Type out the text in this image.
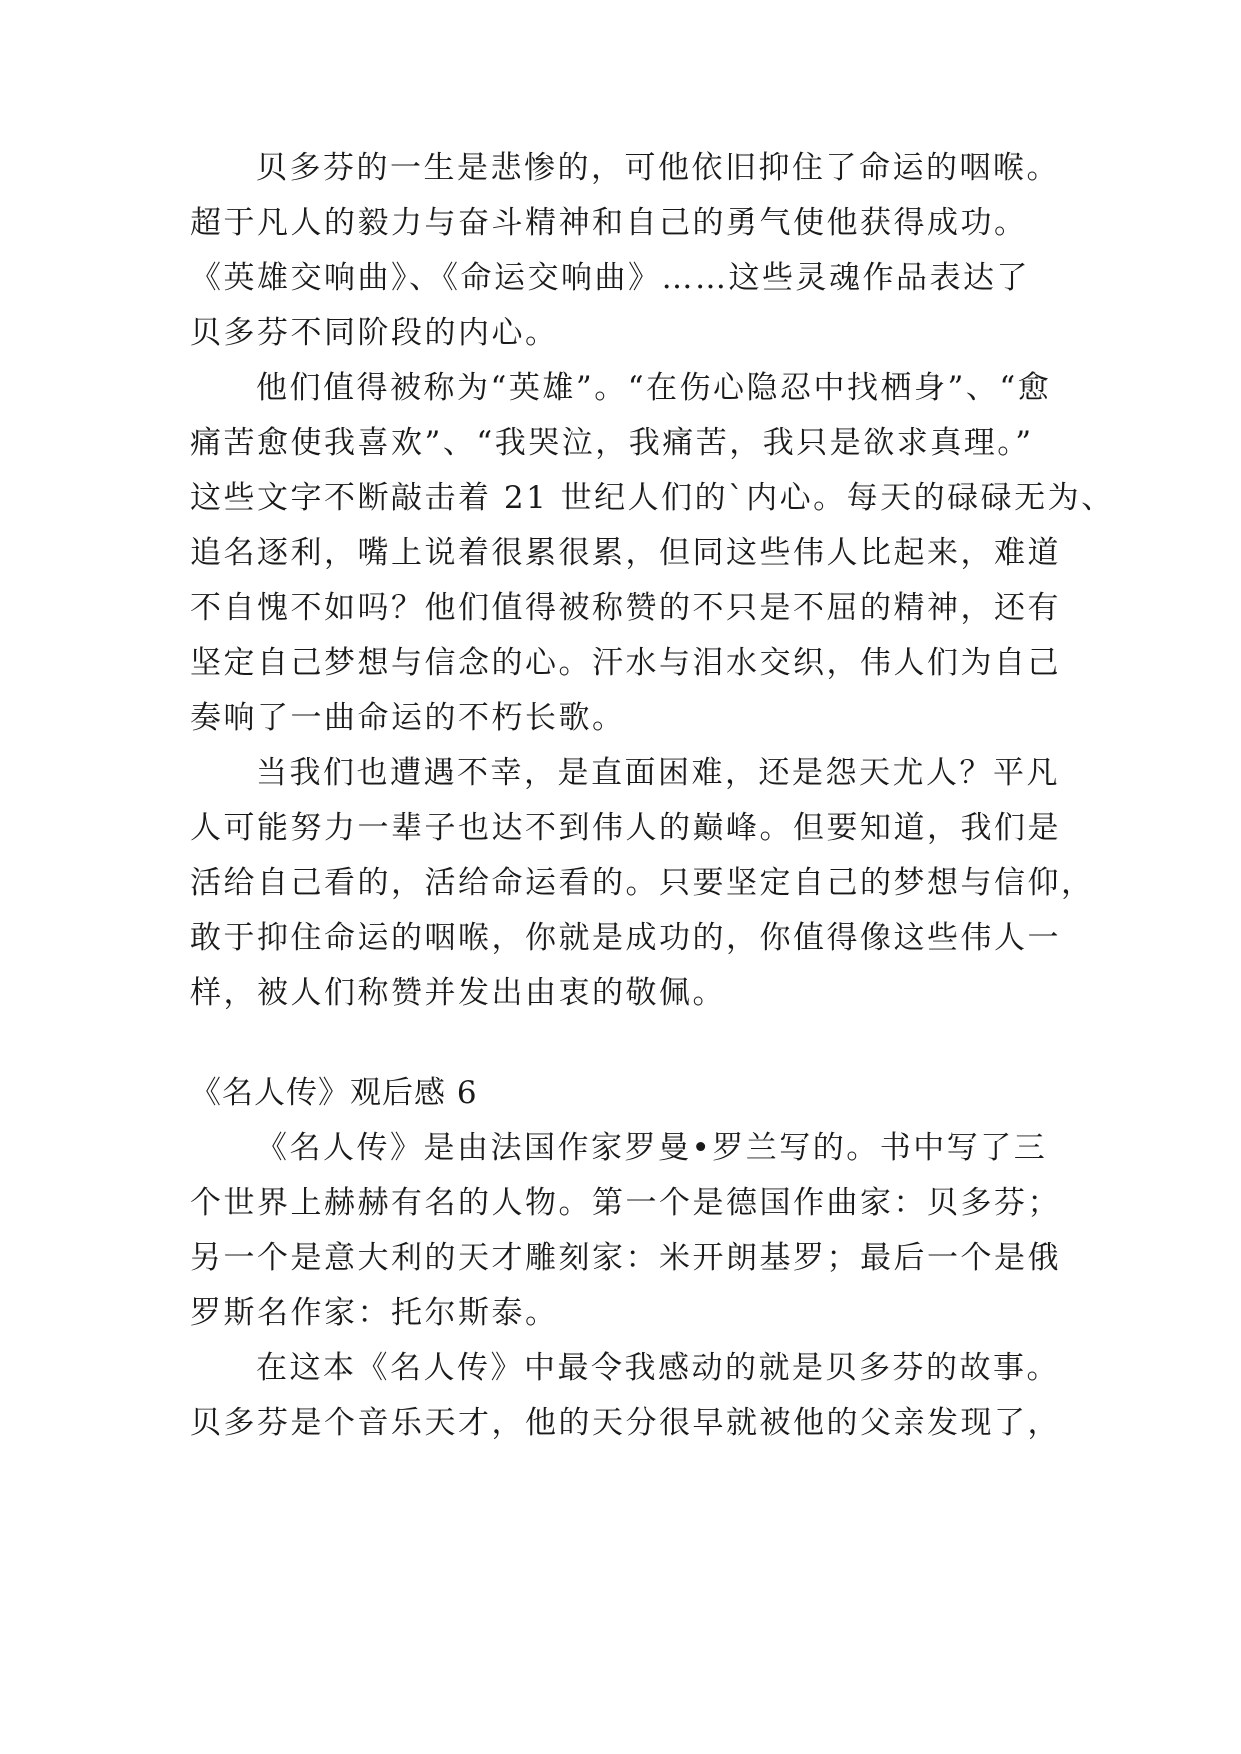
贝多芬的一生是悲惨的，可他依旧抑住了命运的咽喉。
超于凡人的毅力与奋斗精神和自己的勇气使他获得成功。
《英雄交响曲》、《命运交响曲》……这些灵魂作品表达了
贝多芬不同阶段的内心。
他们值得被称为“英雄”。“在伤心隐忍中找栖身”、“愈
痛苦愈使我喜欢”、“我哭泣，我痛苦，我只是欲求真理。”
这些文字不断敲击着 21 世纪人们的`内心。每天的碌碌无为、
追名逐利，嘴上说着很累很累，但同这些伟人比起来，难道
不自愧不如吗？他们值得被称赞的不只是不屈的精神，还有
坚定自己梦想与信念的心。汗水与泪水交织，伟人们为自己
奏响了一曲命运的不朽长歌。
当我们也遭遇不幸，是直面困难，还是怨天尤人？平凡
人可能努力一辈子也达不到伟人的巅峰。但要知道，我们是
活给自己看的，活给命运看的。只要坚定自己的梦想与信仰，
敢于抑住命运的咽喉，你就是成功的，你值得像这些伟人一
样，被人们称赞并发出由衷的敬佩。
《名人传》观后感 6
《名人传》是由法国作家罗曼•罗兰写的。书中写了三
个世界上赫赫有名的人物。第一个是德国作曲家：贝多芬；
另一个是意大利的天才雕刻家：米开朗基罗；最后一个是俄
罗斯名作家：托尔斯泰。
在这本《名人传》中最令我感动的就是贝多芬的故事。
贝多芬是个音乐天才，他的天分很早就被他的父亲发现了，
